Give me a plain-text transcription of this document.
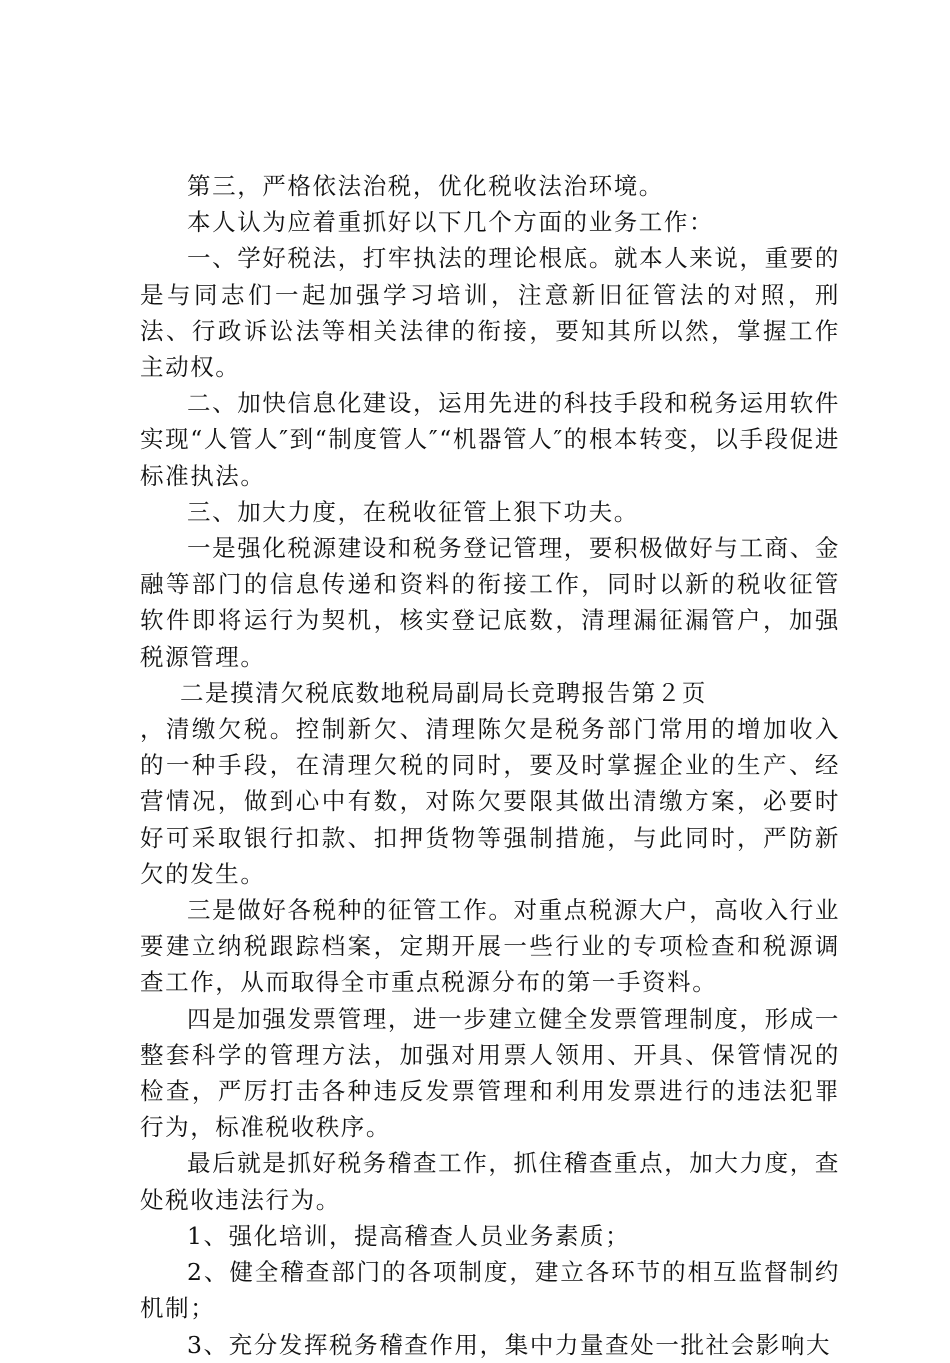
第三，严格依法治税，优化税收法治环境。

本人认为应着重抓好以下几个方面的业务工作：

一、学好税法，打牢执法的理论根底。就本人来说，重要的是与同志们一起加强学习培训，注意新旧征管法的对照，刑法、行政诉讼法等相关法律的衔接，要知其所以然，掌握工作主动权。

二、加快信息化建设，运用先进的科技手段和税务运用软件实现“人管人″到“制度管人″“机器管人″的根本转变，以手段促进标准执法。

三、加大力度，在税收征管上狠下功夫。

一是强化税源建设和税务登记管理，要积极做好与工商、金融等部门的信息传递和资料的衔接工作，同时以新的税收征管软件即将运行为契机，核实登记底数，清理漏征漏管户，加强税源管理。

二是摸清欠税底数地税局副局长竞聘报告第２页

，清缴欠税。控制新欠、清理陈欠是税务部门常用的增加收入的一种手段，在清理欠税的同时，要及时掌握企业的生产、经营情况，做到心中有数，对陈欠要限其做出清缴方案，必要时好可采取银行扣款、扣押货物等强制措施，与此同时，严防新欠的发生。

三是做好各税种的征管工作。对重点税源大户，高收入行业要建立纳税跟踪档案，定期开展一些行业的专项检查和税源调查工作，从而取得全市重点税源分布的第一手资料。

四是加强发票管理，进一步建立健全发票管理制度，形成一整套科学的管理方法，加强对用票人领用、开具、保管情况的检查，严厉打击各种违反发票管理和利用发票进行的违法犯罪行为，标准税收秩序。

最后就是抓好税务稽查工作，抓住稽查重点，加大力度，查处税收违法行为。

1、强化培训，提高稽查人员业务素质；

2、健全稽查部门的各项制度，建立各环节的相互监督制约机制；

3、充分发挥税务稽查作用，集中力量查处一批社会影响大
